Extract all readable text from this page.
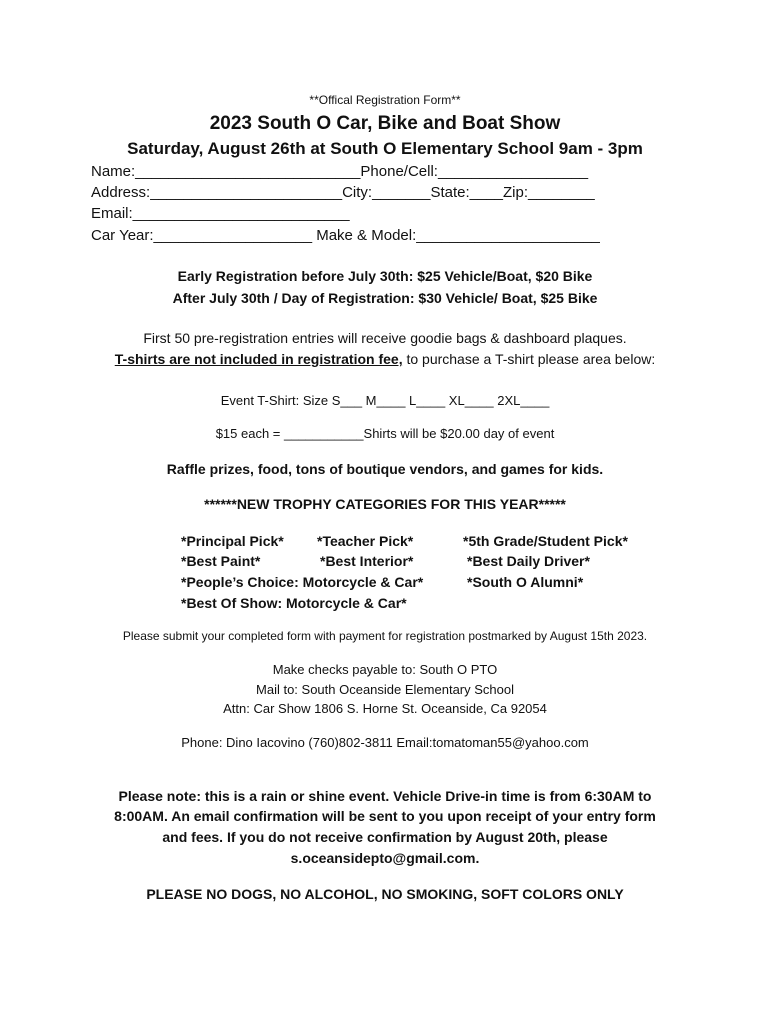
**Offical Registration Form**
2023 South O Car, Bike and Boat Show
Saturday, August 26th at South O Elementary School 9am - 3pm
Name:___________________________Phone/Cell:__________________
Address:_______________________City:_______State:____Zip:________
Email:__________________________
Car Year:___________________ Make & Model:______________________
Early Registration before July 30th: $25 Vehicle/Boat, $20 Bike
After July 30th / Day of Registration: $30 Vehicle/ Boat, $25 Bike
First 50 pre-registration entries will receive goodie bags & dashboard plaques.
T-shirts are not included in registration fee, to purchase a T-shirt please area below:
Event T-Shirt: Size S___ M____ L____ XL____ 2XL____
$15 each = ___________Shirts will be $20.00 day of event
Raffle prizes, food, tons of boutique vendors, and games for kids.
******NEW TROPHY CATEGORIES FOR THIS YEAR*****
*Principal Pick* *Teacher Pick*	*5th Grade/Student Pick*
*Best Paint*	*Best Interior*	*Best Daily Driver*
*People’s Choice: Motorcycle & Car*	*South O Alumni*
*Best Of Show: Motorcycle & Car*
Please submit your completed form with payment for registration postmarked by August 15th 2023.
Make checks payable to: South O PTO
Mail to: South Oceanside Elementary School
Attn: Car Show 1806 S. Horne St. Oceanside, Ca 92054
Phone: Dino Iacovino (760)802-3811 Email:tomatoman55@yahoo.com
Please note: this is a rain or shine event. Vehicle Drive-in time is from 6:30AM to
8:00AM. An email confirmation will be sent to you upon receipt of your entry form
and fees. If you do not receive confirmation by August 20th, please
s.oceansidepto@gmail.com.
PLEASE NO DOGS, NO ALCOHOL, NO SMOKING, SOFT COLORS ONLY
